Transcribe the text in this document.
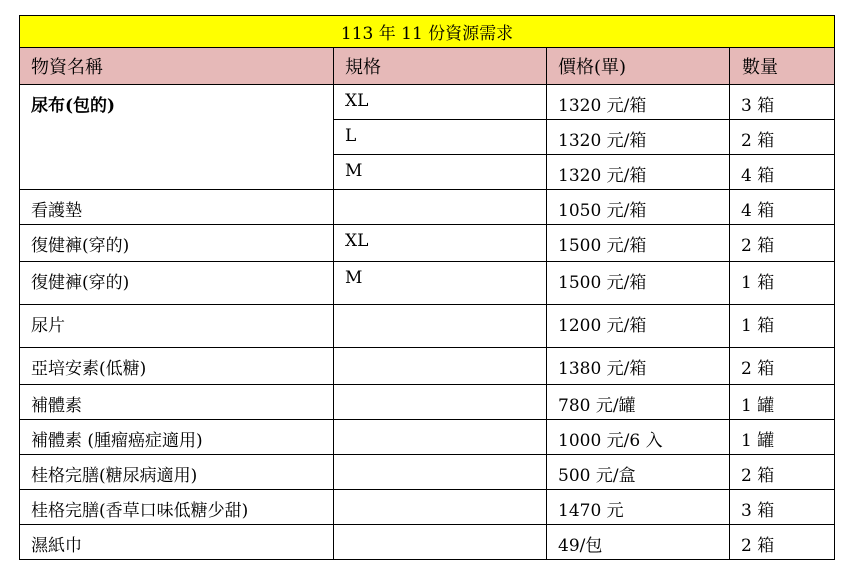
113 年 11 份資源需求			
物資名稱	規格	價格(單)	數量
尿布(包的)	XL	1320 元/箱	3 箱
	L	1320 元/箱	2 箱
	M	1320 元/箱	4 箱
看護墊		1050 元/箱	4 箱
復健褲(穿的)	XL	1500 元/箱	2 箱
復健褲(穿的)	M	1500 元/箱	1 箱
尿片		1200 元/箱	1 箱
亞培安素(低糖)		1380 元/箱	2 箱
補體素		780 元/罐	1 罐
補體素 (腫瘤癌症適用)		1000 元/6 入	1 罐
桂格完膳(糖尿病適用)		500 元/盒	2 箱
桂格完膳(香草口味低糖少甜)		1470 元	3 箱
濕紙巾		49/包	2 箱
